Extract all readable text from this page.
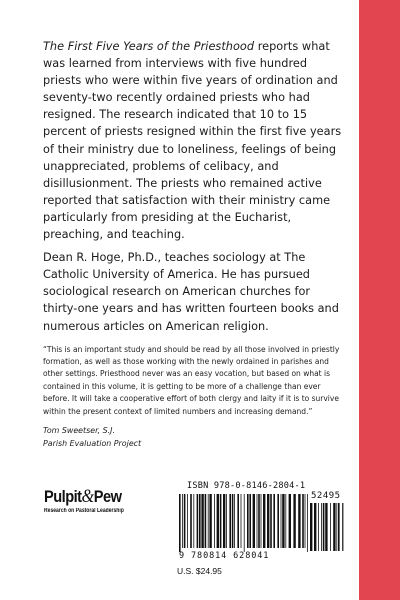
The First Five Years of the Priesthood reports what was learned from interviews with five hundred priests who were within five years of ordination and seventy-two recently ordained priests who had resigned. The research indicated that 10 to 15 percent of priests resigned within the first five years of their ministry due to loneliness, feelings of being unappreciated, problems of celibacy, and disillusionment. The priests who remained active reported that satisfaction with their ministry came particularly from presiding at the Eucharist, preaching, and teaching.

Dean R. Hoge, Ph.D., teaches sociology at The Catholic University of America. He has pursued sociological research on American churches for thirty-one years and has written fourteen books and numerous articles on American religion.

“This is an important study and should be read by all those involved in priestly formation, as well as those working with the newly ordained in parishes and other settings. Priesthood never was an easy vocation, but based on what is contained in this volume, it is getting to be more of a challenge than ever before. It will take a cooperative effort of both clergy and laity if it is to survive within the present context of limited numbers and increasing demand.”

Tom Sweetser, S.J.
Parish Evaluation Project
Pulpit&Pew
Research on Pastoral Leadership
ISBN 978-0-8146-2804-1
52495
9 780814 628041
U.S. $24.95
